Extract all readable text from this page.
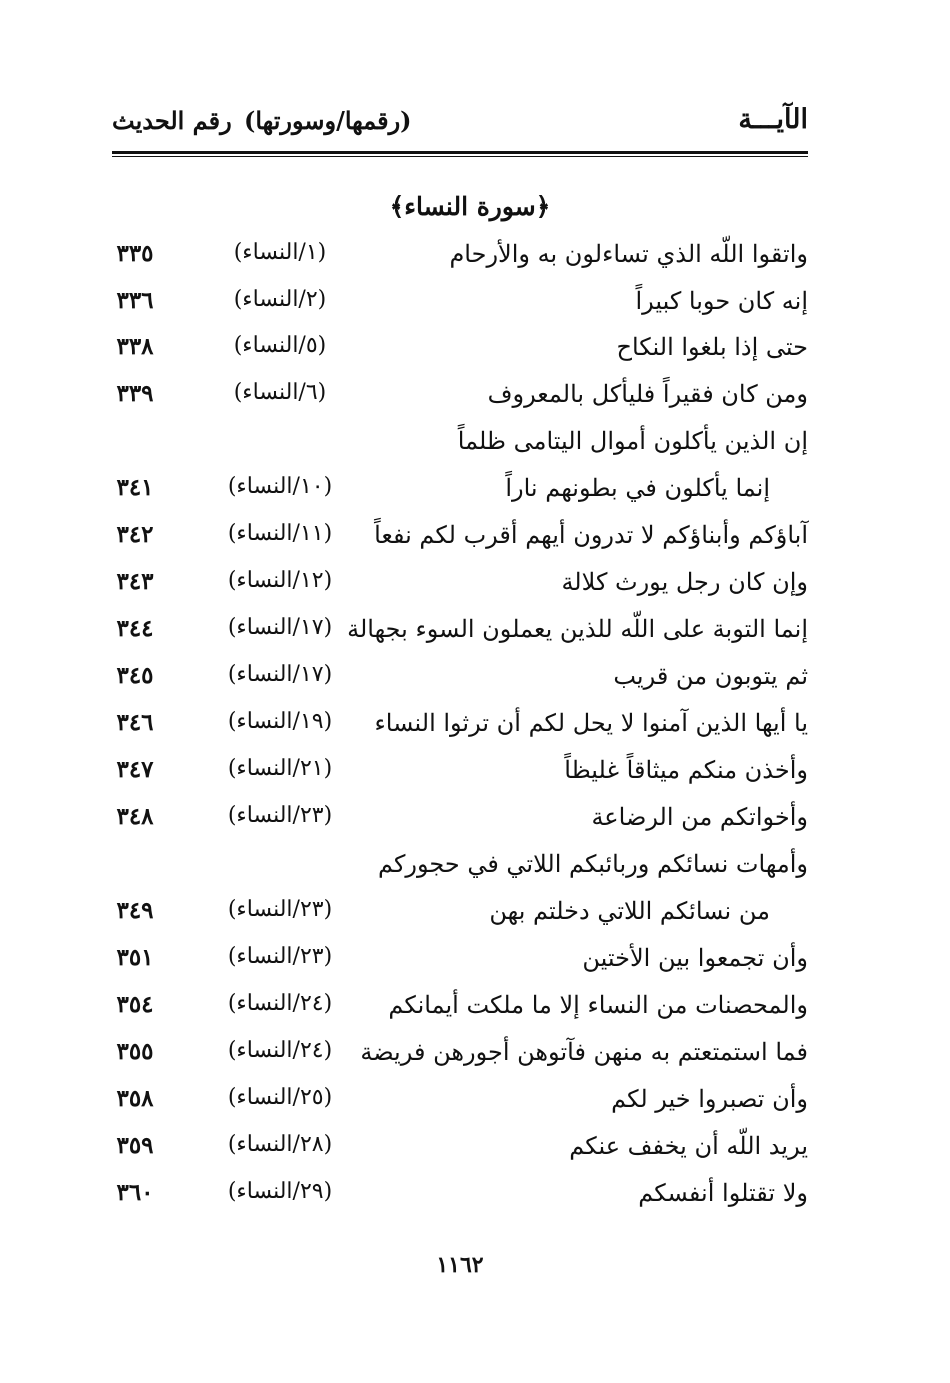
الآيـــة
(رقمها/وسورتها)
رقم الحديث
﴿سورة النساء﴾
واتقوا اللّه الذي تساءلون به والأرحام
(١/النساء)
٣٣٥
إنه كان حوبا كبيراً
(٢/النساء)
٣٣٦
حتى إذا بلغوا النكاح
(٥/النساء)
٣٣٨
ومن كان فقيراً فليأكل بالمعروف
(٦/النساء)
٣٣٩
إن الذين يأكلون أموال اليتامى ظلماً
إنما يأكلون في بطونهم ناراً
(١٠/النساء)
٣٤١
آباؤكم وأبناؤكم لا تدرون أيهم أقرب لكم نفعاً
(١١/النساء)
٣٤٢
وإن كان رجل يورث كلالة
(١٢/النساء)
٣٤٣
إنما التوبة على اللّه للذين يعملون السوء بجهالة
(١٧/النساء)
٣٤٤
ثم يتوبون من قريب
(١٧/النساء)
٣٤٥
يا أيها الذين آمنوا لا يحل لكم أن ترثوا النساء
(١٩/النساء)
٣٤٦
وأخذن منكم ميثاقاً غليظاً
(٢١/النساء)
٣٤٧
وأخواتكم من الرضاعة
(٢٣/النساء)
٣٤٨
وأمهات نسائكم وربائبكم اللاتي في حجوركم
من نسائكم اللاتي دخلتم بهن
(٢٣/النساء)
٣٤٩
وأن تجمعوا بين الأختين
(٢٣/النساء)
٣٥١
والمحصنات من النساء إلا ما ملكت أيمانكم
(٢٤/النساء)
٣٥٤
فما استمتعتم به منهن فآتوهن أجورهن فريضة
(٢٤/النساء)
٣٥٥
وأن تصبروا خير لكم
(٢٥/النساء)
٣٥٨
يريد اللّه أن يخفف عنكم
(٢٨/النساء)
٣٥٩
ولا تقتلوا أنفسكم
(٢٩/النساء)
٣٦٠
١١٦٢
